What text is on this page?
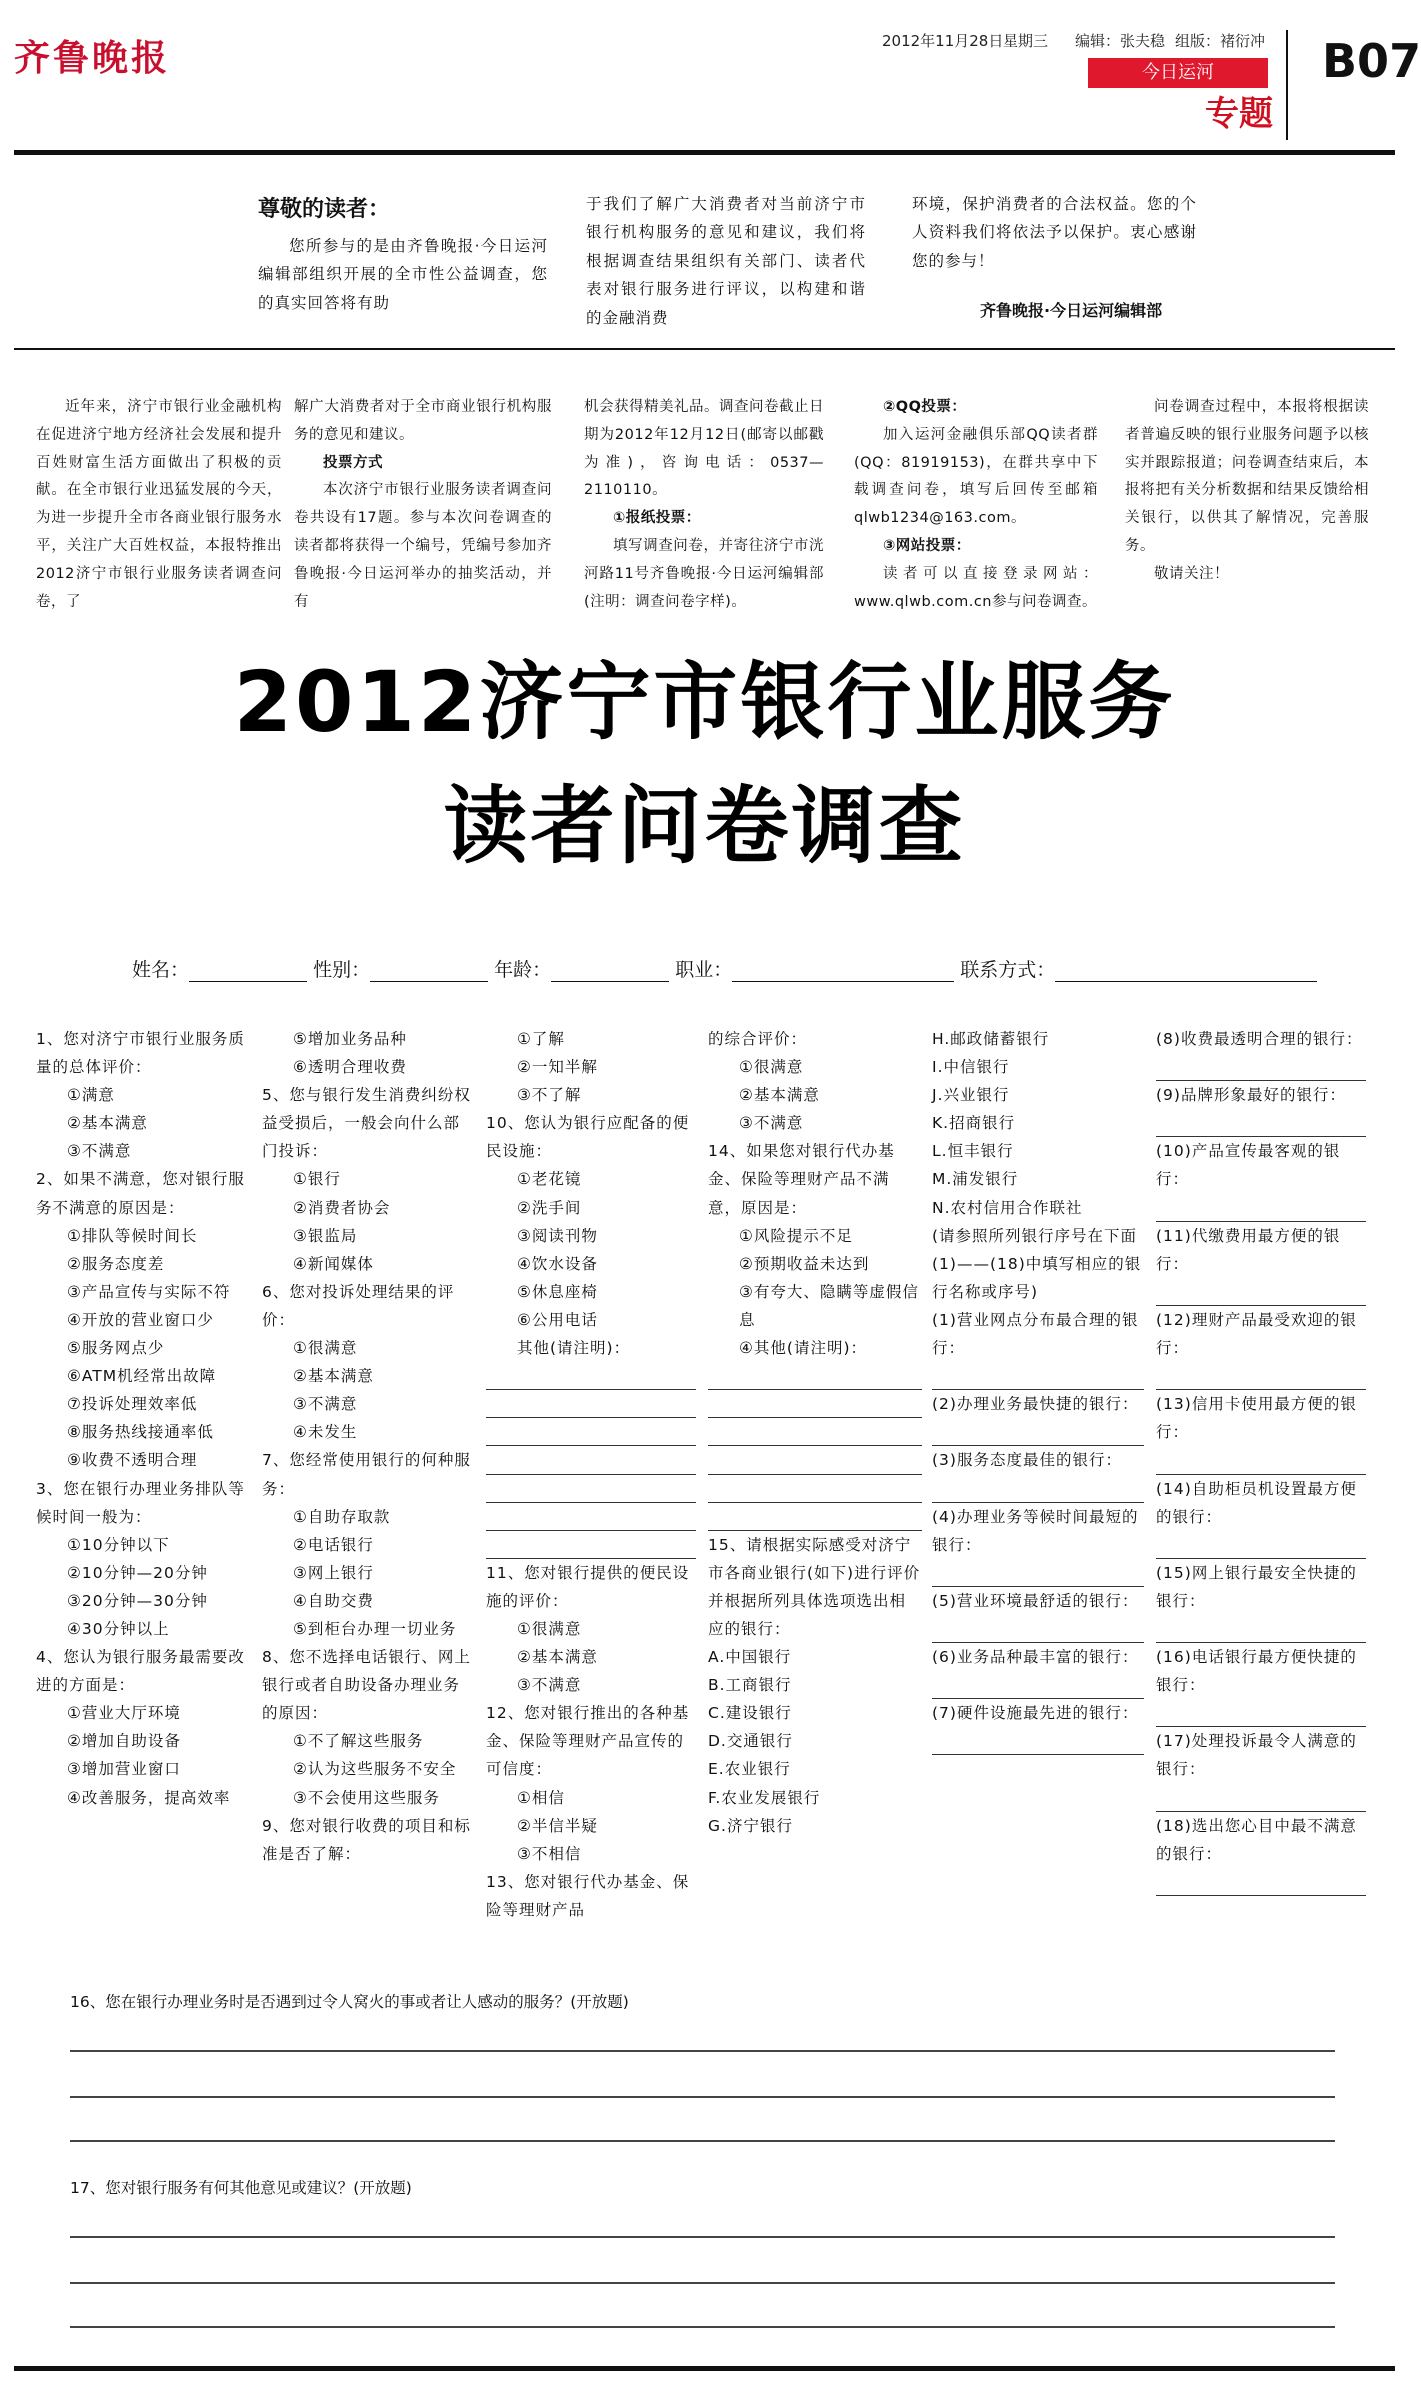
齐鲁晚报	2012年11月28日 星期三 编辑：张夫稳 组版：褚衍冲
今日运河
专题
B07
尊敬的读者：

您所参与的是由齐鲁晚报·今日运河编辑部组织开展的全市性公益调查，您的真实回答将有助

于我们了解广大消费者对当前济宁市银行机构服务的意见和建议，我们将根据调查结果组织有关部门、读者代表对银行服务进行评议，以构建和谐的金融消费

环境，保护消费者的合法权益。您的个人资料我们将依法予以保护。衷心感谢您的参与！

齐鲁晚报·今日运河编辑部

近年来，济宁市银行业金融机构在促进济宁地方经济社会发展和提升百姓财富生活方面做出了积极的贡献。在全市银行业迅猛发展的今天，为进一步提升全市各商业银行服务水平，关注广大百姓权益，本报特推出2012济宁市银行业服务读者调查问卷，了

解广大消费者对于全市商业银行机构服务的意见和建议。

投票方式

本次济宁市银行业服务读者调查问卷共设有17题。参与本次问卷调查的读者都将获得一个编号，凭编号参加齐鲁晚报·今日运河举办的抽奖活动，并有

机会获得精美礼品。调查问卷截止日期为2012年12月12日(邮寄以邮戳为准)，咨询电话：0537—2110110。

①报纸投票：

填写调查问卷，并寄往济宁市洸河路11号齐鲁晚报·今日运河编辑部(注明：调查问卷字样)。

②QQ投票：

加入运河金融俱乐部QQ读者群(QQ：81919153)，在群共享中下载调查问卷，填写后回传至邮箱qlwb1234@163.com。

③网站投票：

读者可以直接登录网站：www.qlwb.com.cn参与问卷调查。

问卷调查过程中，本报将根据读者普遍反映的银行业服务问题予以核实并跟踪报道；问卷调查结束后，本报将把有关分析数据和结果反馈给相关银行，以供其了解情况，完善服务。

敬请关注！

2012济宁市银行业服务
读者问卷调查
姓名：	性别：	年龄：	职业：	联系方式：
1、您对济宁市银行业服务质量的总体评价：
①满意
②基本满意
③不满意
2、如果不满意，您对银行服务不满意的原因是：
①排队等候时间长
②服务态度差
③产品宣传与实际不符
④开放的营业窗口少
⑤服务网点少
⑥ATM机经常出故障
⑦投诉处理效率低
⑧服务热线接通率低
⑨收费不透明合理
3、您在银行办理业务排队等候时间一般为：
①10分钟以下
②10分钟—20分钟
③20分钟—30分钟
④30分钟以上
4、您认为银行服务最需要改进的方面是：
①营业大厅环境
②增加自助设备
③增加营业窗口
④改善服务，提高效率
⑤增加业务品种
⑥透明合理收费
5、您与银行发生消费纠纷权益受损后，一般会向什么部门投诉：
①银行
②消费者协会
③银监局
④新闻媒体
6、您对投诉处理结果的评价：
①很满意
②基本满意
③不满意
④未发生
7、您经常使用银行的何种服务：
①自助存取款
②电话银行
③网上银行
④自助交费
⑤到柜台办理一切业务
8、您不选择电话银行、网上银行或者自助设备办理业务的原因：
①不了解这些服务
②认为这些服务不安全
③不会使用这些服务
9、您对银行收费的项目和标准是否了解：
①了解
②一知半解
③不了解
10、您认为银行应配备的便民设施：
①老花镜
②洗手间
③阅读刊物
④饮水设备
⑤休息座椅
⑥公用电话
其他(请注明)：
11、您对银行提供的便民设施的评价：
①很满意
②基本满意
③不满意
12、您对银行推出的各种基金、保险等理财产品宣传的可信度：
①相信
②半信半疑
③不相信
13、您对银行代办基金、保险等理财产品
的综合评价：
①很满意
②基本满意
③不满意
14、如果您对银行代办基金、保险等理财产品不满意，原因是：
①风险提示不足
②预期收益未达到
③有夸大、隐瞒等虚假信息
④其他(请注明)：
15、请根据实际感受对济宁市各商业银行(如下)进行评价并根据所列具体选项选出相应的银行：
A.中国银行
B.工商银行
C.建设银行
D.交通银行
E.农业银行
F.农业发展银行
G.济宁银行
H.邮政储蓄银行
I.中信银行
J.兴业银行
K.招商银行
L.恒丰银行
M.浦发银行
N.农村信用合作联社
(请参照所列银行序号在下面(1)——(18)中填写相应的银行名称或序号)
(1)营业网点分布最合理的银行：
(2)办理业务最快捷的银行：
(3)服务态度最佳的银行：
(4)办理业务等候时间最短的银行：
(5)营业环境最舒适的银行：
(6)业务品种最丰富的银行：
(7)硬件设施最先进的银行：
(8)收费最透明合理的银行：
(9)品牌形象最好的银行：
(10)产品宣传最客观的银行：
(11)代缴费用最方便的银行：
(12)理财产品最受欢迎的银行：
(13)信用卡使用最方便的银行：
(14)自助柜员机设置最方便的银行：
(15)网上银行最安全快捷的银行：
(16)电话银行最方便快捷的银行：
(17)处理投诉最令人满意的银行：
(18)选出您心目中最不满意的银行：
16、您在银行办理业务时是否遇到过令人窝火的事或者让人感动的服务？(开放题)
17、您对银行服务有何其他意见或建议？(开放题)
